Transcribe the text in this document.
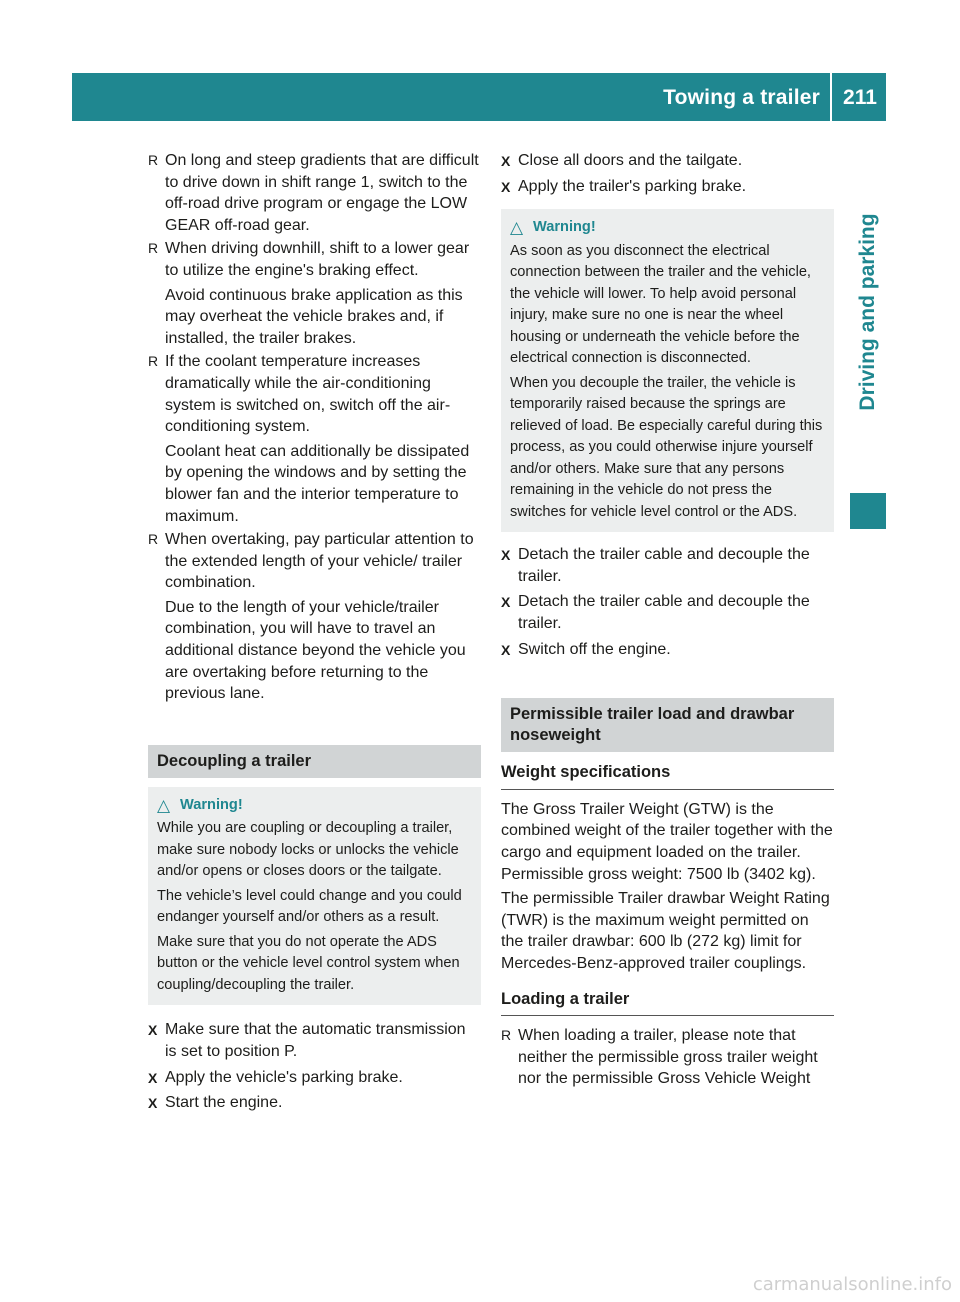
Towing a trailer	211
Driving and parking
R On long and steep gradients that are difficult to drive down in shift range 1, switch to the off-road drive program or engage the LOW GEAR off-road gear.

R When driving downhill, shift to a lower gear to utilize the engine's braking effect.

Avoid continuous brake application as this may overheat the vehicle brakes and, if installed, the trailer brakes.

R If the coolant temperature increases dramatically while the air-conditioning system is switched on, switch off the air-conditioning system.

Coolant heat can additionally be dissipated by opening the windows and by setting the blower fan and the interior temperature to maximum.

R When overtaking, pay particular attention to the extended length of your vehicle/ trailer combination.

Due to the length of your vehicle/trailer combination, you will have to travel an additional distance beyond the vehicle you are overtaking before returning to the previous lane.

Decoupling a trailer
△ Warning!

While you are coupling or decoupling a trailer, make sure nobody locks or unlocks the vehicle and/or opens or closes doors or the tailgate.

The vehicle’s level could change and you could endanger yourself and/or others as a result.

Make sure that you do not operate the ADS button or the vehicle level control system when coupling/decoupling the trailer.

X Make sure that the automatic transmission is set to position P.
X Apply the vehicle's parking brake.
X Start the engine.
X Close all doors and the tailgate.
X Apply the trailer's parking brake.
△ Warning!

As soon as you disconnect the electrical connection between the trailer and the vehicle, the vehicle will lower. To help avoid personal injury, make sure no one is near the wheel housing or underneath the vehicle before the electrical connection is disconnected.

When you decouple the trailer, the vehicle is temporarily raised because the springs are relieved of load. Be especially careful during this process, as you could otherwise injure yourself and/or others. Make sure that any persons remaining in the vehicle do not press the switches for vehicle level control or the ADS.

X Detach the trailer cable and decouple the trailer.
X Detach the trailer cable and decouple the trailer.
X Switch off the engine.
Permissible trailer load and drawbar noseweight
Weight specifications

The Gross Trailer Weight (GTW) is the combined weight of the trailer together with the cargo and equipment loaded on the trailer. Permissible gross weight: 7500 lb (3402 kg).

The permissible Trailer drawbar Weight Rating (TWR) is the maximum weight permitted on the trailer drawbar: 600 lb (272 kg) limit for Mercedes-Benz-approved trailer couplings.

Loading a trailer
R When loading a trailer, please note that neither the permissible gross trailer weight nor the permissible Gross Vehicle Weight

carmanualsonline.info
